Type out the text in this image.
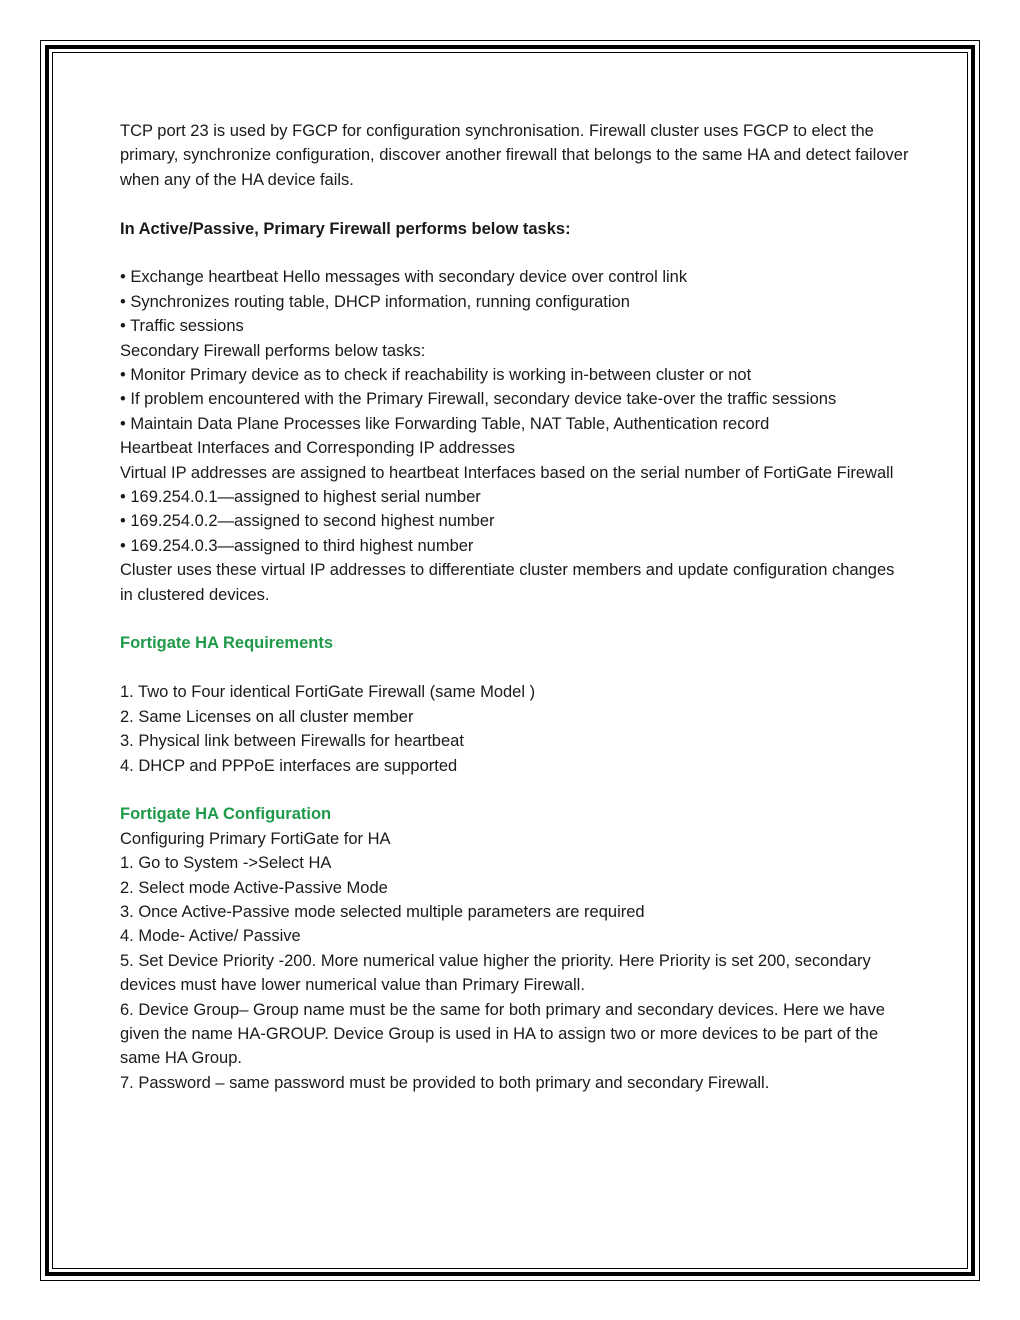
TCP port 23 is used by FGCP for configuration synchronisation. Firewall cluster uses FGCP to elect the primary, synchronize configuration, discover another firewall that belongs to the same HA and detect failover when any of the HA device fails.

In Active/Passive, Primary Firewall performs below tasks:

• Exchange heartbeat Hello messages with secondary device over control link

• Synchronizes routing table, DHCP information, running configuration

• Traffic sessions

Secondary Firewall performs below tasks:

• Monitor Primary device as to check if reachability is working in-between cluster or not

• If problem encountered with the Primary Firewall, secondary device take-over the traffic sessions

• Maintain Data Plane Processes like Forwarding Table, NAT Table, Authentication record

Heartbeat Interfaces and Corresponding IP addresses

Virtual IP addresses are assigned to heartbeat Interfaces based on the serial number of FortiGate Firewall

• 169.254.0.1—assigned to highest serial number

• 169.254.0.2—assigned to second highest number

• 169.254.0.3—assigned to third highest number

Cluster uses these virtual IP addresses to differentiate cluster members and update configuration changes in clustered devices.

Fortigate HA Requirements

1. Two to Four identical FortiGate Firewall (same Model )

2. Same Licenses on all cluster member

3. Physical link between Firewalls for heartbeat

4. DHCP and PPPoE interfaces are supported

Fortigate HA Configuration

Configuring Primary FortiGate for HA

1. Go to System ->Select HA

2. Select mode Active-Passive Mode

3. Once Active-Passive mode selected multiple parameters are required

4. Mode- Active/ Passive

5. Set Device Priority -200. More numerical value higher the priority. Here Priority is set 200, secondary devices must have lower numerical value than Primary Firewall.

6. Device Group– Group name must be the same for both primary and secondary devices. Here we have given the name HA-GROUP. Device Group is used in HA to assign two or more devices to be part of the same HA Group.

7. Password – same password must be provided to both primary and secondary Firewall.
